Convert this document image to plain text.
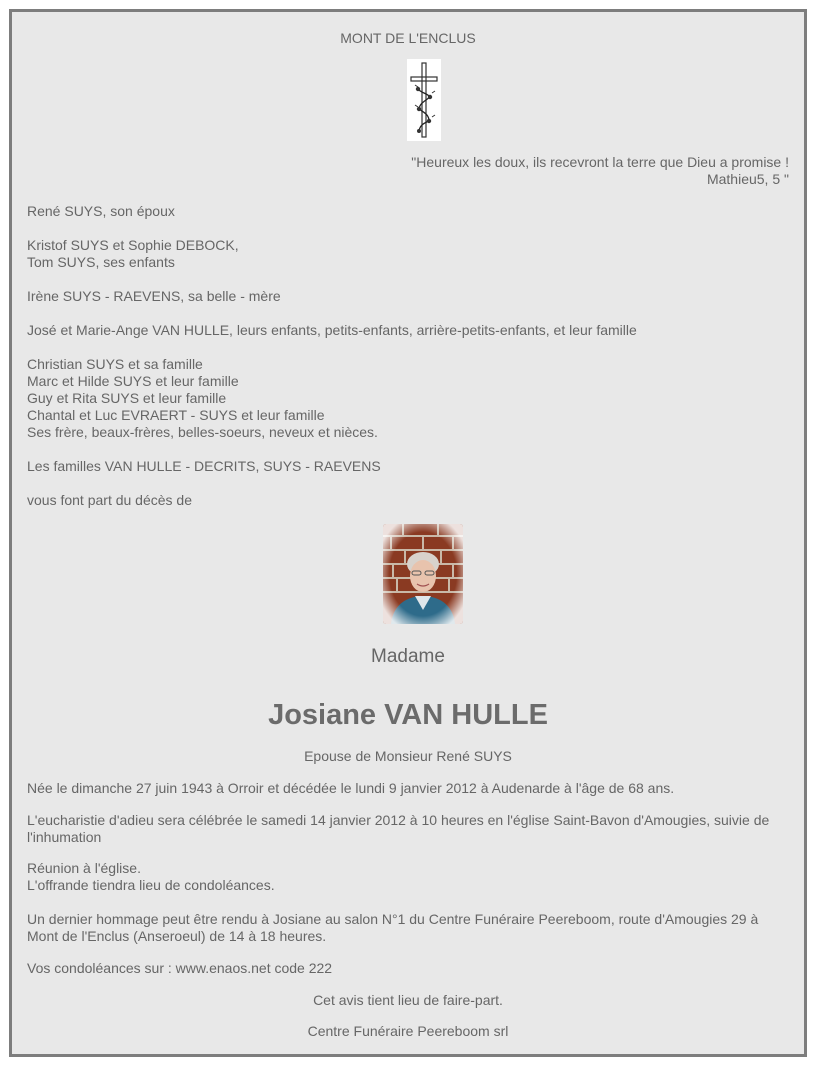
MONT DE L'ENCLUS
"Heureux les doux, ils recevront la terre que Dieu a promise !
Mathieu5, 5 "
René SUYS, son époux
Kristof SUYS et Sophie DEBOCK,
Tom SUYS, ses enfants
Irène SUYS - RAEVENS, sa belle - mère
José et Marie-Ange VAN HULLE, leurs enfants, petits-enfants, arrière-petits-enfants, et leur famille
Christian SUYS et sa famille
Marc et Hilde SUYS et leur famille
Guy et Rita SUYS et leur famille
Chantal et Luc EVRAERT - SUYS et leur famille
Ses frère, beaux-frères, belles-soeurs, neveux et nièces.
Les familles VAN HULLE - DECRITS, SUYS - RAEVENS
vous font part du décès de
Madame
Josiane VAN HULLE
Epouse de Monsieur René SUYS
Née le dimanche 27 juin 1943 à Orroir et décédée le lundi 9 janvier 2012 à Audenarde à l'âge de 68 ans.
L'eucharistie d'adieu sera célébrée le samedi 14 janvier 2012 à 10 heures en l'église Saint-Bavon d'Amougies, suivie de l'inhumation
Réunion à l'église.
L'offrande tiendra lieu de condoléances.
Un dernier hommage peut être rendu à Josiane au salon N°1 du Centre Funéraire Peereboom, route d'Amougies 29 à Mont de l'Enclus (Anseroeul) de 14 à 18 heures.
Vos condoléances sur : www.enaos.net code 222
Cet avis tient lieu de faire-part.
Centre Funéraire Peereboom srl
